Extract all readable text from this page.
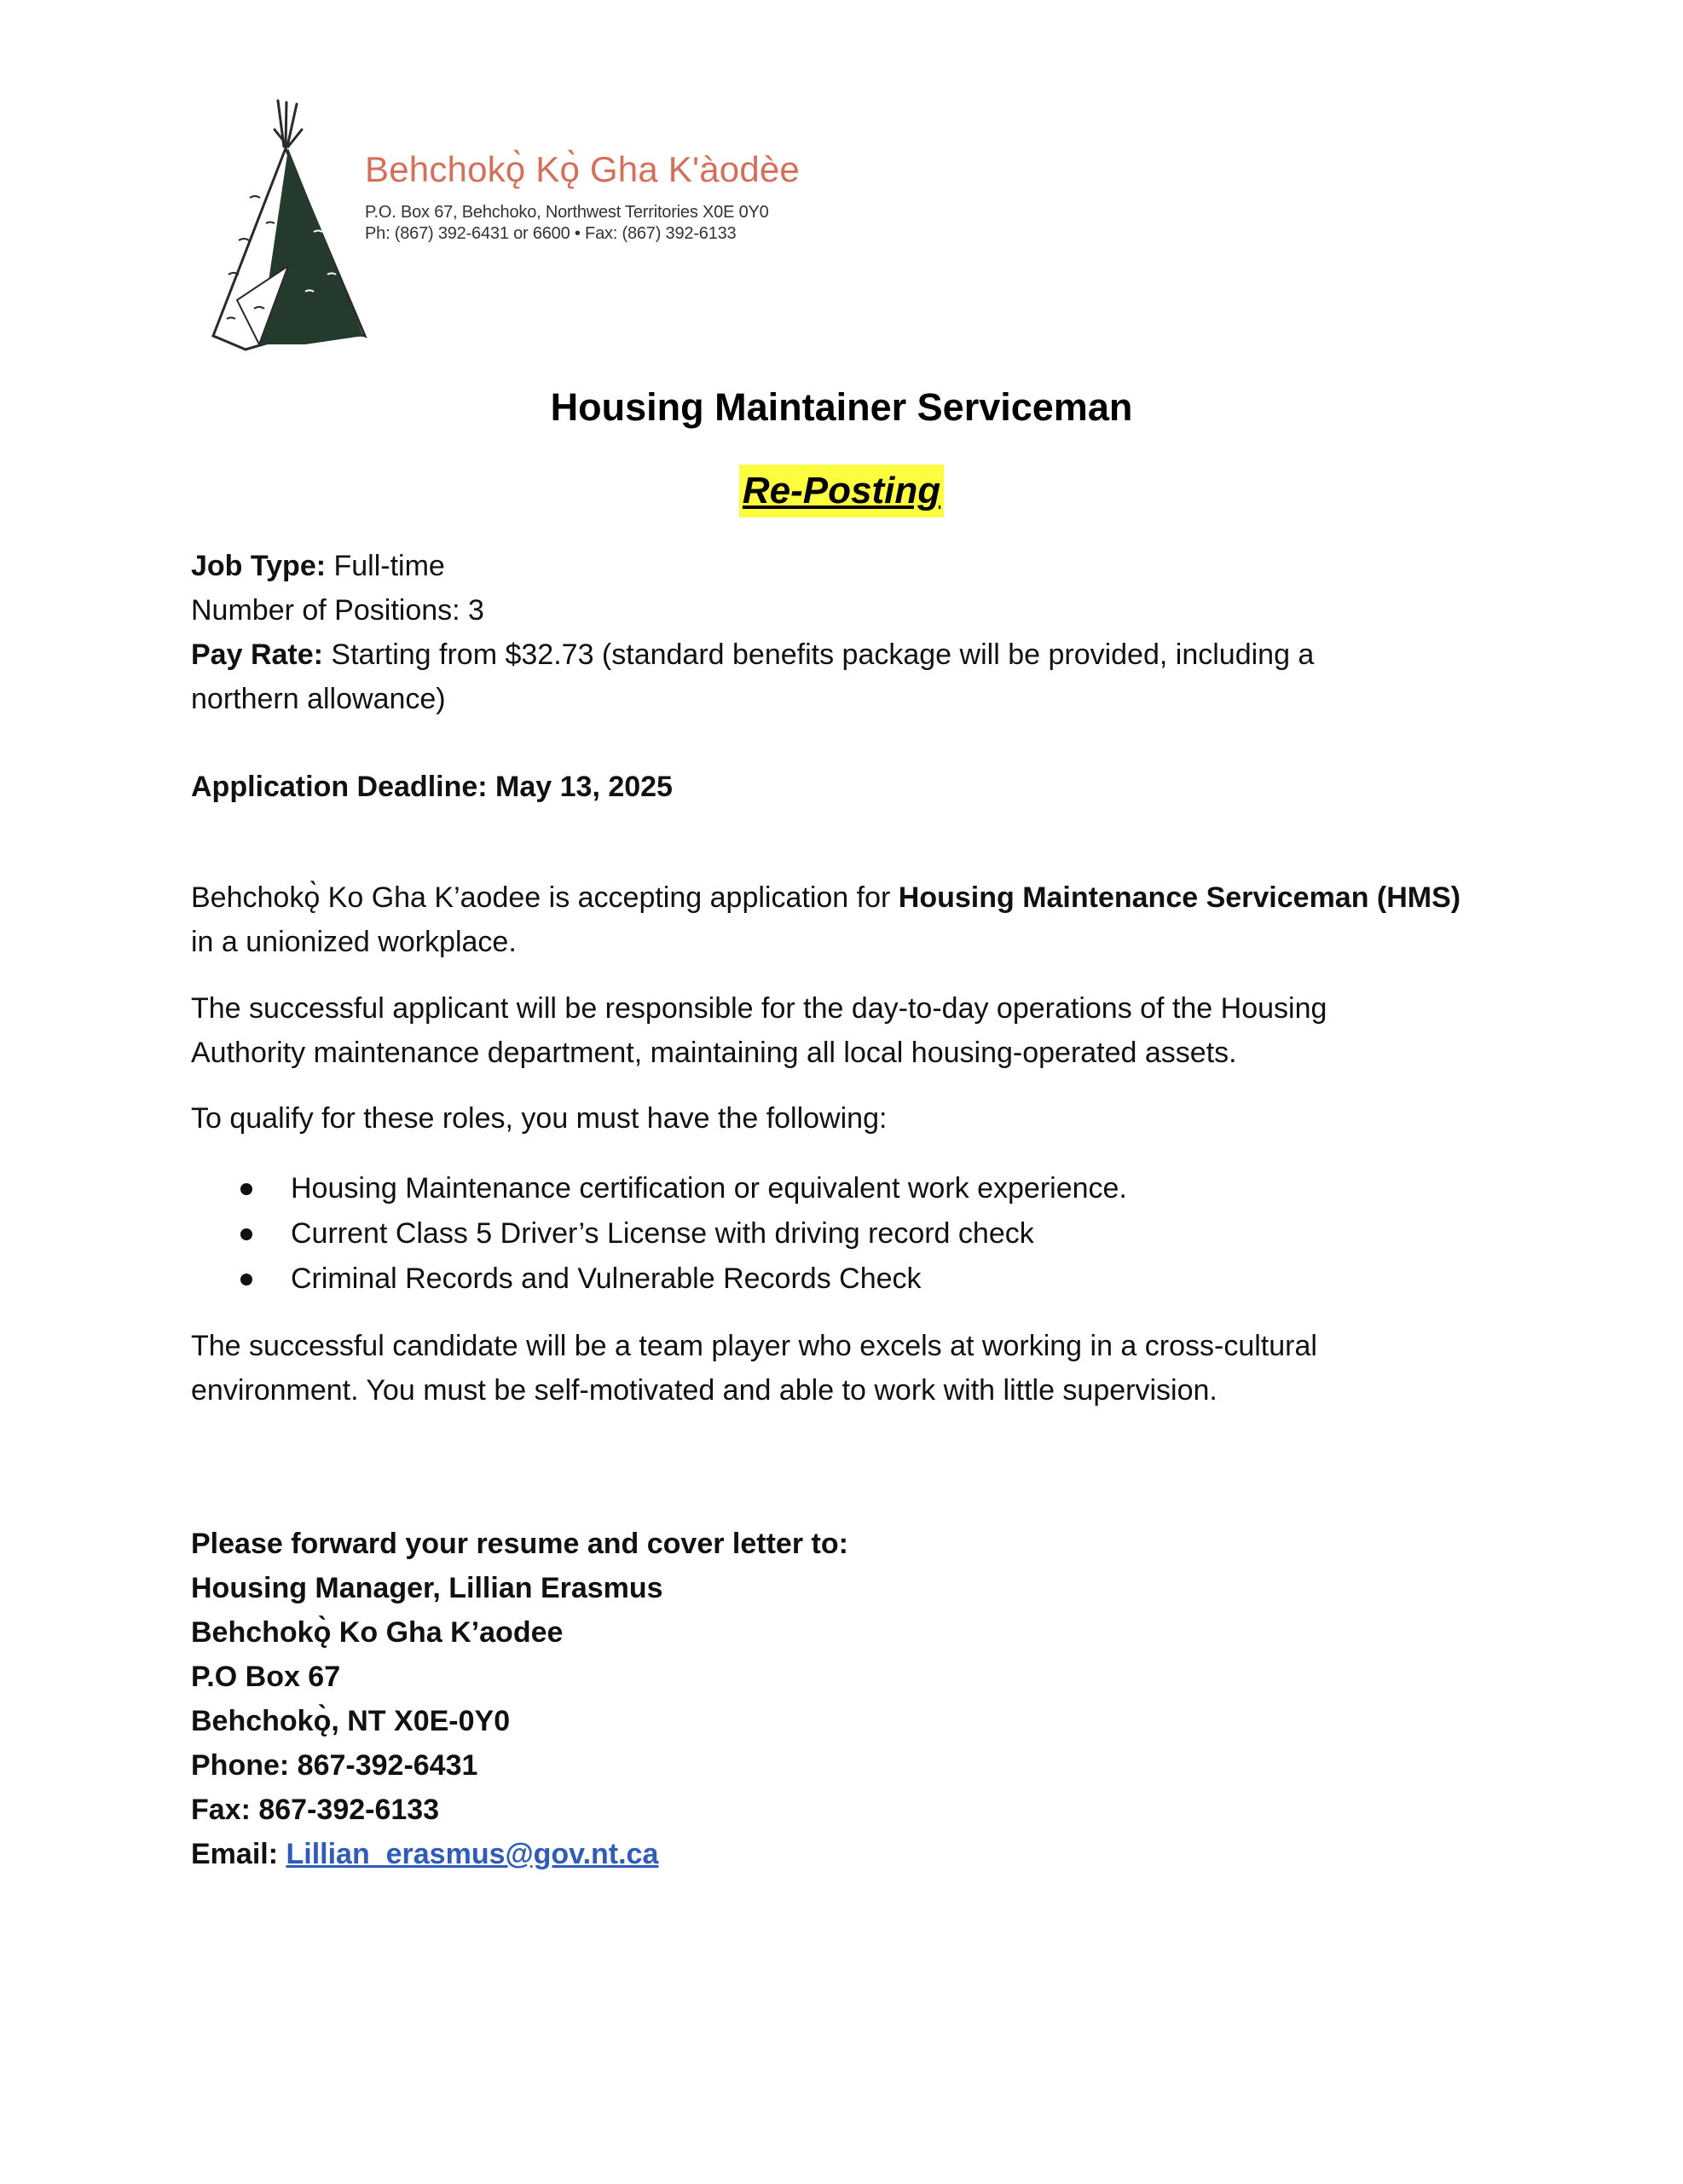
Behchokǫ̀ Kǫ̀ Gha K'àodèe
P.O. Box 67, Behchoko, Northwest Territories X0E 0Y0
Ph: (867) 392-6431 or 6600 • Fax: (867) 392-6133
Housing Maintainer Serviceman
Re-Posting
Job Type: Full-time
Number of Positions: 3
Pay Rate: Starting from $32.73 (standard benefits package will be provided, including a
northern allowance)
Application Deadline: May 13, 2025
Behchokǫ̀ Ko Gha K’aodee is accepting application for Housing Maintenance Serviceman (HMS)
in a unionized workplace.
The successful applicant will be responsible for the day-to-day operations of the Housing
Authority maintenance department, maintaining all local housing-operated assets.
To qualify for these roles, you must have the following:
Housing Maintenance certification or equivalent work experience.
Current Class 5 Driver’s License with driving record check
Criminal Records and Vulnerable Records Check
The successful candidate will be a team player who excels at working in a cross-cultural
environment. You must be self-motivated and able to work with little supervision.
Please forward your resume and cover letter to:
Housing Manager, Lillian Erasmus
Behchokǫ̀ Ko Gha K’aodee
P.O Box 67
Behchokǫ̀, NT X0E-0Y0
Phone: 867-392-6431
Fax: 867-392-6133
Email: Lillian_erasmus@gov.nt.ca
